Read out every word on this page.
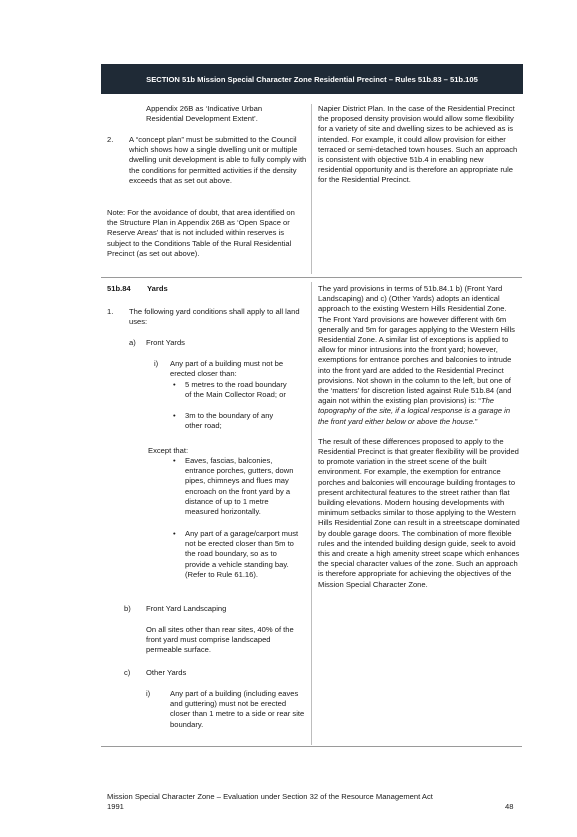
SECTION 51b Mission Special Character Zone Residential Precinct – Rules 51b.83 – 51b.105

Appendix 26B as ‘Indicative Urban

Residential Development Extent’.

2. A “concept plan” must be submitted to the Council which shows how a single dwelling unit or multiple dwelling unit development is able to fully comply with the conditions for permitted activities if the density exceeds that as set out above.
Note: For the avoidance of doubt, that area identified on the Structure Plan in Appendix 26B as ‘Open Space or Reserve Areas’ that is not included within reserves is subject to the Conditions Table of the Rural Residential Precinct (as set out above).

Napier District Plan. In the case of the Residential Precinct the proposed density provision would allow some flexibility for a variety of site and dwelling sizes to be achieved as is intended. For example, it could allow provision for either terraced or semi-detached town houses. Such an approach is consistent with objective 51b.4 in enabling new residential opportunity and is therefore an appropriate rule for the Residential Precinct.

51b.84 Yards
1. The following yard conditions shall apply to all land uses:
a) Front Yards
i) Any part of a building must not be erected closer than:
• 5 metres to the road boundary of the Main Collector Road; or
• 3m to the boundary of any other road;
Except that:
• Eaves, fascias, balconies, entrance porches, gutters, down pipes, chimneys and flues may encroach on the front yard by a distance of up to 1 metre measured horizontally.
• Any part of a garage/carport must not be erected closer than 5m to the road boundary, so as to provide a vehicle standing bay. (Refer to Rule 61.16).
b) Front Yard Landscaping
On all sites other than rear sites, 40% of the front yard must comprise landscaped permeable surface.
c) Other Yards
i)	Any part of a building (including eaves and guttering) must not be erected closer than 1 metre to a side or rear site boundary.

The yard provisions in terms of 51b.84.1 b) (Front Yard Landscaping) and c) (Other Yards) adopts an identical approach to the existing Western Hills Residential Zone.

The Front Yard provisions are however different with 6m generally and 5m for garages applying to the Western Hills Residential Zone. A similar list of exceptions is applied to allow for minor intrusions into the front yard; however, exemptions for entrance porches and balconies to intrude into the front yard are added to the Residential Precinct provisions. Not shown in the column to the left, but one of the ‘matters’ for discretion listed against Rule 51b.84 (and again not within the existing plan provisions) is: “The topography of the site, if a logical response is a garage in the front yard either below or above the house.”

The result of these differences proposed to apply to the Residential Precinct is that greater flexibility will be provided to promote variation in the street scene of the built environment. For example, the exemption for entrance porches and balconies will encourage building frontages to present architectural features to the street rather than flat building elevations. Modern housing developments with minimum setbacks similar to those applying to the Western Hills Residential Zone can result in a streetscape dominated by double garage doors. The combination of more flexible rules and the intended building design guide, seek to avoid this and create a high amenity street scape which enhances the special character values of the zone. Such an approach is therefore appropriate for achieving the objectives of the Mission Special Character Zone.

Mission Special Character Zone – Evaluation under Section 32 of the Resource Management Act 1991	48
